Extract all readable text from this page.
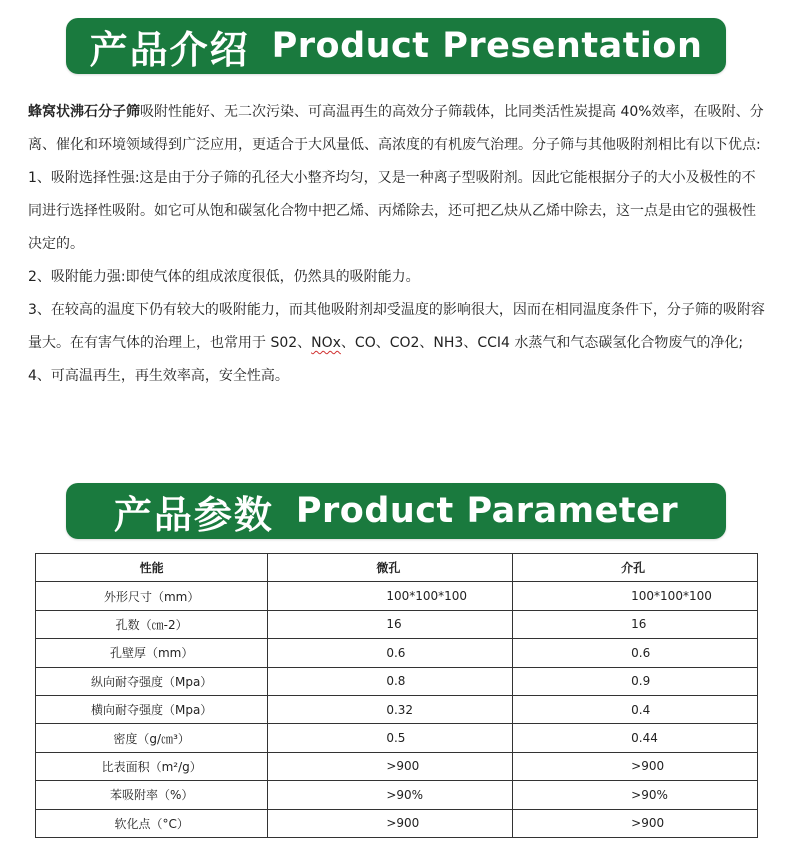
产品介绍 Product Presentation

蜂窝状沸石分子筛吸附性能好、无二次污染、可高温再生的高效分子筛载体，比同类活性炭提高 40%效率，在吸附、分离、催化和环境领域得到广泛应用，更适合于大风量低、高浓度的有机废气治理。分子筛与其他吸附剂相比有以下优点:

1、吸附选择性强:这是由于分子筛的孔径大小整齐均匀，又是一种离子型吸附剂。因此它能根据分子的大小及极性的不同进行选择性吸附。如它可从饱和碳氢化合物中把乙烯、丙烯除去，还可把乙炔从乙烯中除去，这一点是由它的强极性决定的。

2、吸附能力强:即使气体的组成浓度很低，仍然具的吸附能力。

3、在较高的温度下仍有较大的吸附能力，而其他吸附剂却受温度的影响很大，因而在相同温度条件下，分子筛的吸附容量大。在有害气体的治理上，也常用于 S02、NOx、CO、CO2、NH3、CCI4 水蒸气和气态碳氢化合物废气的净化;

4、可高温再生，再生效率高，安全性高。

产品参数 Product Parameter
性能	微孔	介孔
外形尺寸（mm）	100*100*100	100*100*100
孔数（㎝-2）	16	16
孔壁厚（mm）	0.6	0.6
纵向耐夺强度（Mpa）	0.8	0.9
横向耐夺强度（Mpa）	0.32	0.4
密度（g/㎝³）	0.5	0.44
比表面积（m²/g）	>900	>900
苯吸附率（%）	>90%	>90%
软化点（°C）	>900	>900
